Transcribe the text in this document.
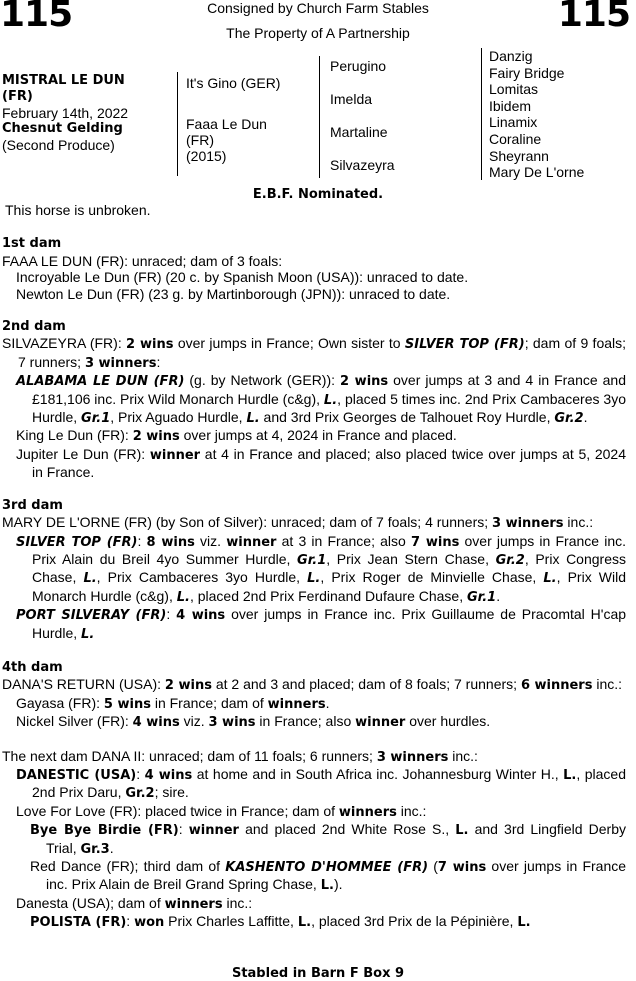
115	115
Consigned by Church Farm Stables
The Property of A Partnership
MISTRAL LE DUN
(FR)
February 14th, 2022
Chesnut Gelding
(Second Produce)
It's Gino (GER)
Faaa Le Dun
(FR)
(2015)
Perugino
Imelda
Martaline
Silvazeyra
Danzig
Fairy Bridge
Lomitas
Ibidem
Linamix
Coraline
Sheyrann
Mary De L'orne
E.B.F. Nominated.

This horse is unbroken.

1st dam

FAAA LE DUN (FR): unraced; dam of 3 foals:

Incroyable Le Dun (FR) (20 c. by Spanish Moon (USA)): unraced to date.

Newton Le Dun (FR) (23 g. by Martinborough (JPN)): unraced to date.

2nd dam

SILVAZEYRA (FR): 2 wins over jumps in France; Own sister to SILVER TOP (FR); dam of 9 foals; 7 runners; 3 winners:

ALABAMA LE DUN (FR) (g. by Network (GER)): 2 wins over jumps at 3 and 4 in France and £181,106 inc. Prix Wild Monarch Hurdle (c&g), L., placed 5 times inc. 2nd Prix Cambaceres 3yo Hurdle, Gr.1, Prix Aguado Hurdle, L. and 3rd Prix Georges de Talhouet Roy Hurdle, Gr.2.

King Le Dun (FR): 2 wins over jumps at 4, 2024 in France and placed.

Jupiter Le Dun (FR): winner at 4 in France and placed; also placed twice over jumps at 5, 2024 in France.

3rd dam

MARY DE L'ORNE (FR) (by Son of Silver): unraced; dam of 7 foals; 4 runners; 3 winners inc.:

SILVER TOP (FR): 8 wins viz. winner at 3 in France; also 7 wins over jumps in France inc. Prix Alain du Breil 4yo Summer Hurdle, Gr.1, Prix Jean Stern Chase, Gr.2, Prix Congress Chase, L., Prix Cambaceres 3yo Hurdle, L., Prix Roger de Minvielle Chase, L., Prix Wild Monarch Hurdle (c&g), L., placed 2nd Prix Ferdinand Dufaure Chase, Gr.1.

PORT SILVERAY (FR): 4 wins over jumps in France inc. Prix Guillaume de Pracomtal H'cap Hurdle, L.

4th dam

DANA'S RETURN (USA): 2 wins at 2 and 3 and placed; dam of 8 foals; 7 runners; 6 winners inc.:

Gayasa (FR): 5 wins in France; dam of winners.

Nickel Silver (FR): 4 wins viz. 3 wins in France; also winner over hurdles.

The next dam DANA II: unraced; dam of 11 foals; 6 runners; 3 winners inc.:

DANESTIC (USA): 4 wins at home and in South Africa inc. Johannesburg Winter H., L., placed 2nd Prix Daru, Gr.2; sire.

Love For Love (FR): placed twice in France; dam of winners inc.:

Bye Bye Birdie (FR): winner and placed 2nd White Rose S., L. and 3rd Lingfield Derby Trial, Gr.3.

Red Dance (FR); third dam of KASHENTO D'HOMMEE (FR) (7 wins over jumps in France inc. Prix Alain de Breil Grand Spring Chase, L.).

Danesta (USA); dam of winners inc.:

POLISTA (FR): won Prix Charles Laffitte, L., placed 3rd Prix de la Pépinière, L.

Stabled in Barn F Box 9
